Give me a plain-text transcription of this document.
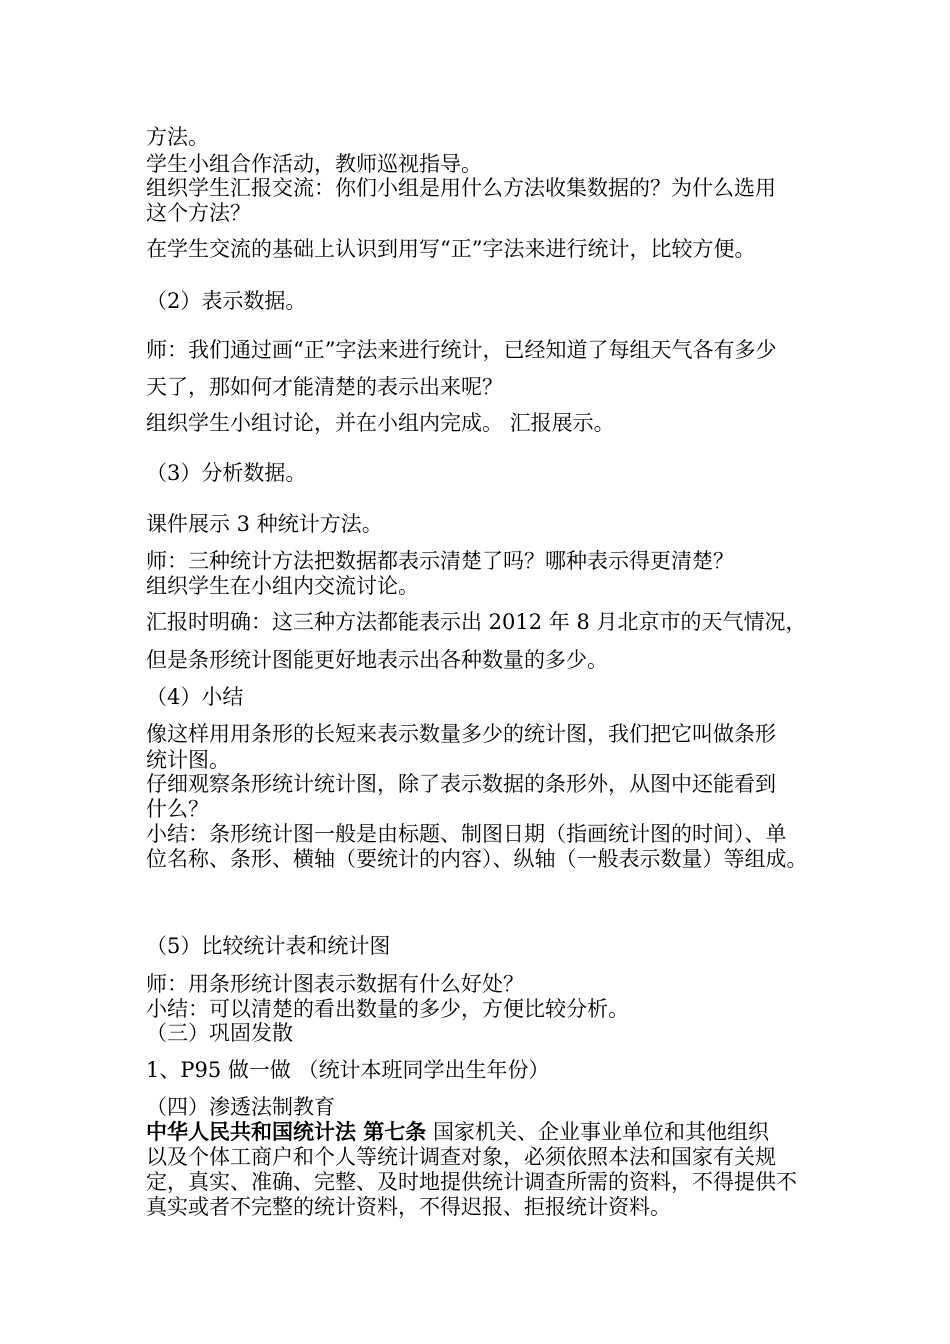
方法。
学生小组合作活动，教师巡视指导。
组织学生汇报交流：你们小组是用什么方法收集数据的？为什么选用
这个方法？
在学生交流的基础上认识到用写“正”字法来进行统计，比较方便。
（2）表示数据。
师：我们通过画“正”字法来进行统计，已经知道了每组天气各有多少
天了，那如何才能清楚的表示出来呢？
组织学生小组讨论，并在小组内完成。 汇报展示。
（3）分析数据。
课件展示 3 种统计方法。
师：三种统计方法把数据都表示清楚了吗？哪种表示得更清楚？
组织学生在小组内交流讨论。
汇报时明确：这三种方法都能表示出 2012 年 8 月北京市的天气情况，
但是条形统计图能更好地表示出各种数量的多少。
（4）小结
像这样用用条形的长短来表示数量多少的统计图，我们把它叫做条形
统计图。
仔细观察条形统计统计图，除了表示数据的条形外，从图中还能看到
什么？
小结：条形统计图一般是由标题、制图日期（指画统计图的时间）、单
位名称、条形、横轴（要统计的内容）、纵轴（一般表示数量）等组成。
（5）比较统计表和统计图
师：用条形统计图表示数据有什么好处？
小结：可以清楚的看出数量的多少，方便比较分析。
（三）巩固发散
1、P95 做一做 （统计本班同学出生年份）
（四）渗透法制教育
中华人民共和国统计法 第七条 国家机关、企业事业单位和其他组织
以及个体工商户和个人等统计调查对象，必须依照本法和国家有关规
定，真实、准确、完整、及时地提供统计调查所需的资料，不得提供不
真实或者不完整的统计资料，不得迟报、拒报统计资料。
